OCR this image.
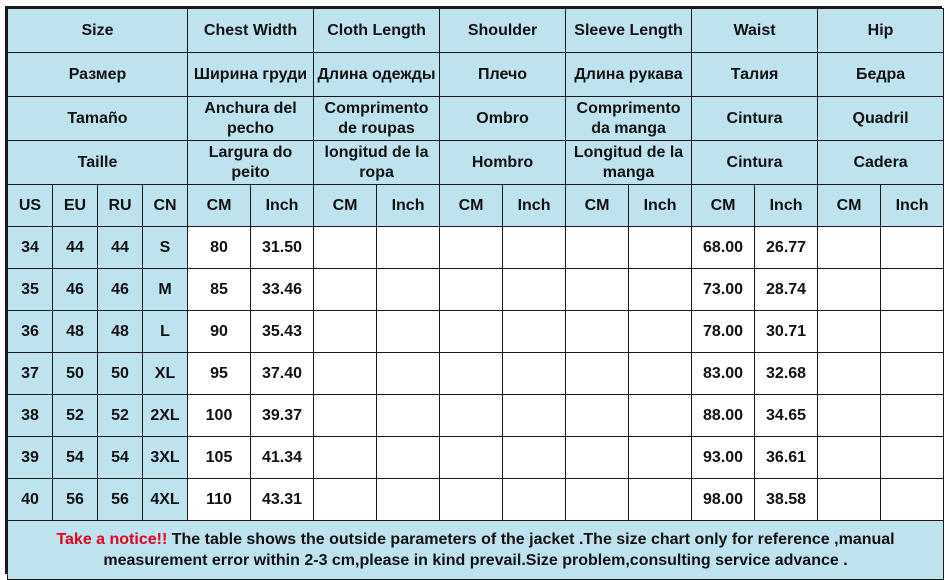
Size				Chest Width		Cloth Length		Shoulder		Sleeve Length		Waist		Hip	
Размер				Ширина груди		Длина одежды		Плечо		Длина рукава		Талия		Бедра	
Tamaño				Anchura del pecho		Comprimento de roupas		Ombro		Comprimento da manga		Cintura		Quadril	
Taille				Largura do peito		longitud de la ropa		Hombro		Longitud de la manga		Cintura		Cadera	
US	EU	RU	CN	CM	Inch	CM	Inch	CM	Inch	CM	Inch	CM	Inch	CM	Inch
34	44	44	S	80	31.50							68.00	26.77		
35	46	46	M	85	33.46							73.00	28.74		
36	48	48	L	90	35.43							78.00	30.71		
37	50	50	XL	95	37.40							83.00	32.68		
38	52	52	2XL	100	39.37							88.00	34.65		
39	54	54	3XL	105	41.34							93.00	36.61		
40	56	56	4XL	110	43.31							98.00	38.58		
Take a notice!! The table shows the outside parameters of the jacket .The size chart only for reference ,manual measurement error within 2-3 cm,please in kind prevail.Size problem,consulting service advance .															
